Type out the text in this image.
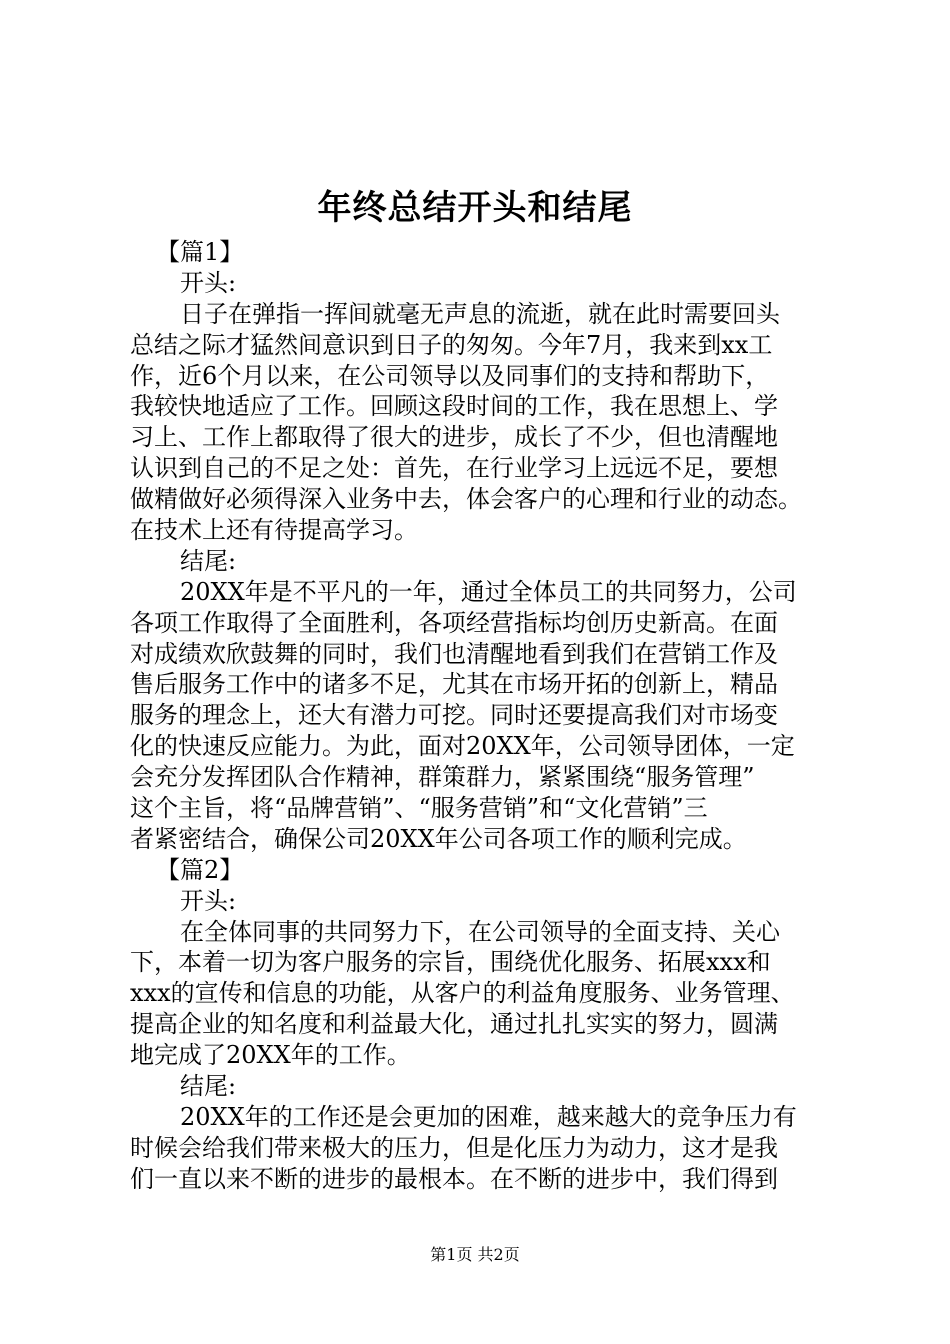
年终总结开头和结尾
【篇1】
开头:
日子在弹指一挥间就毫无声息的流逝，就在此时需要回头
总结之际才猛然间意识到日子的匆匆。今年7月，我来到xx工
作，近6个月以来，在公司领导以及同事们的支持和帮助下，
我较快地适应了工作。回顾这段时间的工作，我在思想上、学
习上、工作上都取得了很大的进步，成长了不少，但也清醒地
认识到自己的不足之处：首先，在行业学习上远远不足，要想
做精做好必须得深入业务中去，体会客户的心理和行业的动态。
在技术上还有待提高学习。
结尾:
20XX年是不平凡的一年，通过全体员工的共同努力，公司
各项工作取得了全面胜利，各项经营指标均创历史新高。在面
对成绩欢欣鼓舞的同时，我们也清醒地看到我们在营销工作及
售后服务工作中的诸多不足，尤其在市场开拓的创新上，精品
服务的理念上，还大有潜力可挖。同时还要提高我们对市场变
化的快速反应能力。为此，面对20XX年，公司领导团体，一定
会充分发挥团队合作精神，群策群力，紧紧围绕“服务管理”
这个主旨，将“品牌营销”、“服务营销”和“文化营销”三
者紧密结合，确保公司20XX年公司各项工作的顺利完成。
【篇2】
开头:
在全体同事的共同努力下，在公司领导的全面支持、关心
下，本着一切为客户服务的宗旨，围绕优化服务、拓展xxx和
xxx的宣传和信息的功能，从客户的利益角度服务、业务管理、
提高企业的知名度和利益最大化，通过扎扎实实的努力，圆满
地完成了20XX年的工作。
结尾:
20XX年的工作还是会更加的困难，越来越大的竞争压力有
时候会给我们带来极大的压力，但是化压力为动力，这才是我
们一直以来不断的进步的最根本。在不断的进步中，我们得到
第1页 共2页
